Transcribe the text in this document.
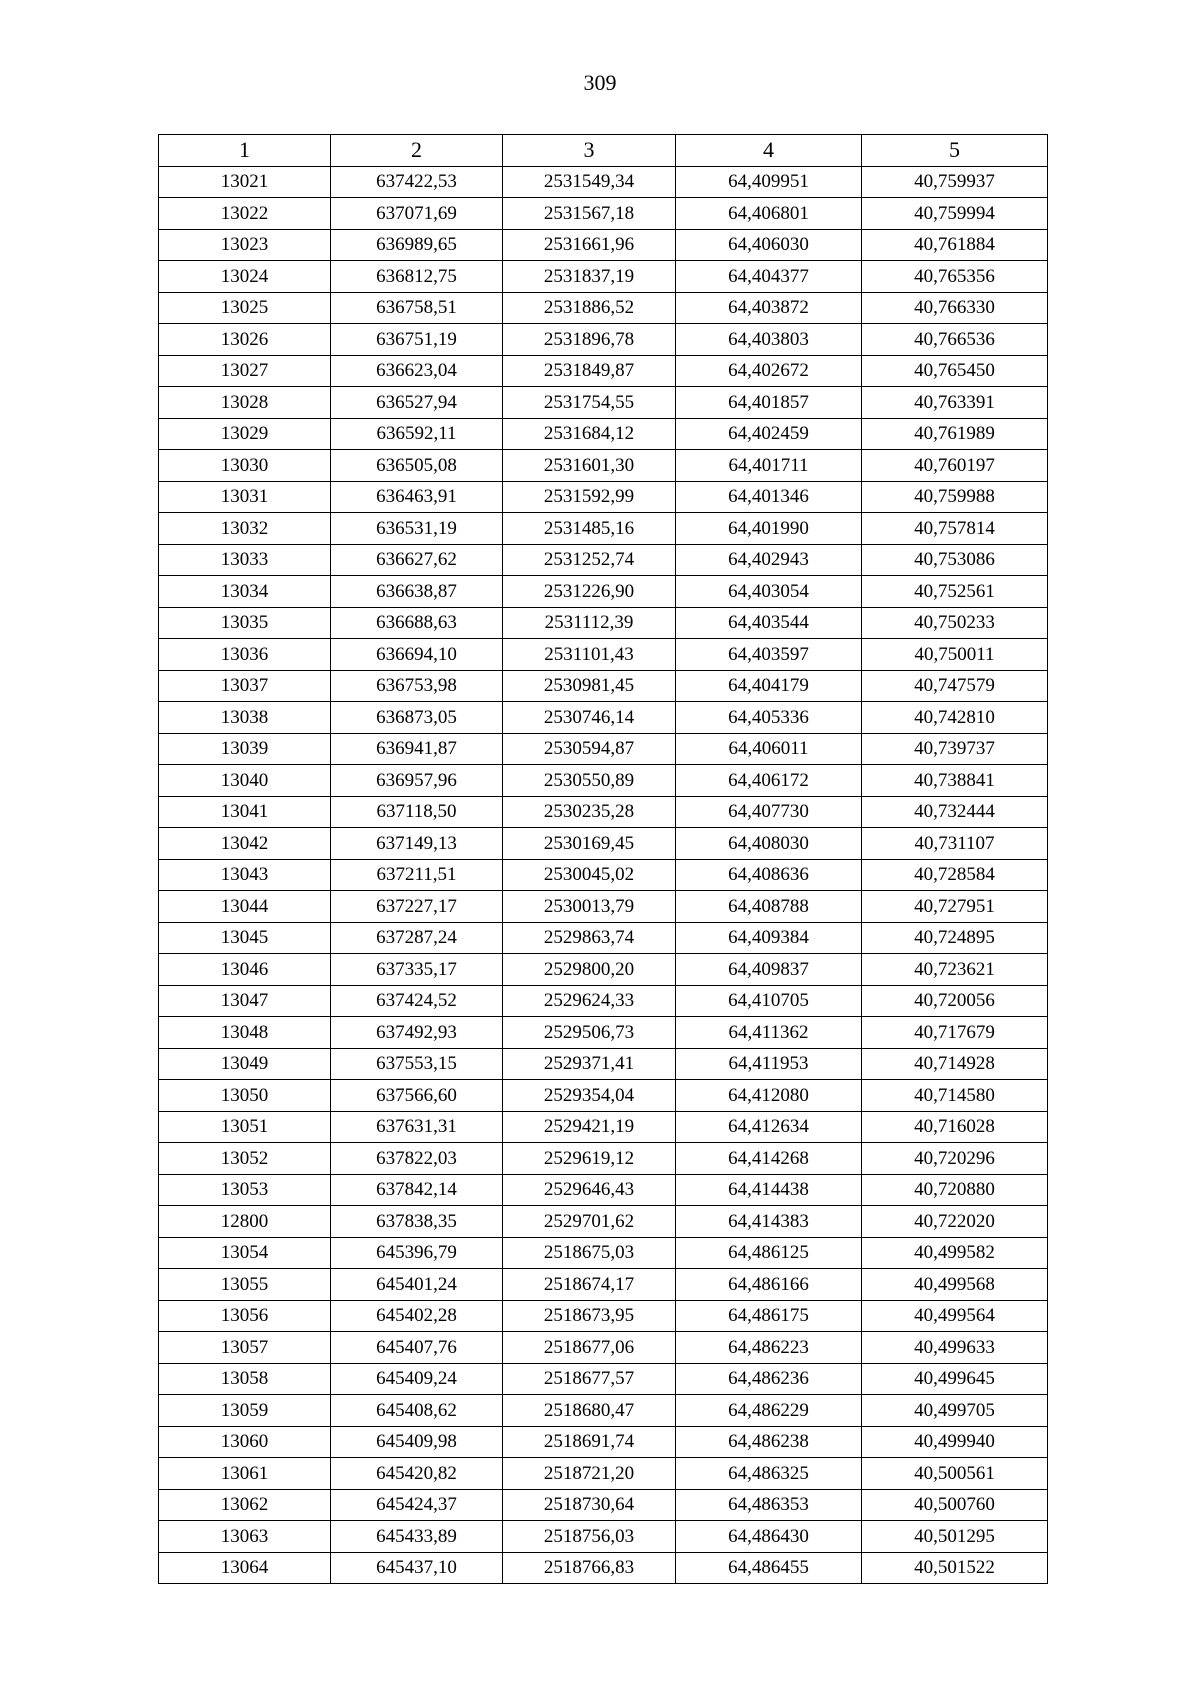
309
1	2	3	4	5
13021	637422,53	2531549,34	64,409951	40,759937
13022	637071,69	2531567,18	64,406801	40,759994
13023	636989,65	2531661,96	64,406030	40,761884
13024	636812,75	2531837,19	64,404377	40,765356
13025	636758,51	2531886,52	64,403872	40,766330
13026	636751,19	2531896,78	64,403803	40,766536
13027	636623,04	2531849,87	64,402672	40,765450
13028	636527,94	2531754,55	64,401857	40,763391
13029	636592,11	2531684,12	64,402459	40,761989
13030	636505,08	2531601,30	64,401711	40,760197
13031	636463,91	2531592,99	64,401346	40,759988
13032	636531,19	2531485,16	64,401990	40,757814
13033	636627,62	2531252,74	64,402943	40,753086
13034	636638,87	2531226,90	64,403054	40,752561
13035	636688,63	2531112,39	64,403544	40,750233
13036	636694,10	2531101,43	64,403597	40,750011
13037	636753,98	2530981,45	64,404179	40,747579
13038	636873,05	2530746,14	64,405336	40,742810
13039	636941,87	2530594,87	64,406011	40,739737
13040	636957,96	2530550,89	64,406172	40,738841
13041	637118,50	2530235,28	64,407730	40,732444
13042	637149,13	2530169,45	64,408030	40,731107
13043	637211,51	2530045,02	64,408636	40,728584
13044	637227,17	2530013,79	64,408788	40,727951
13045	637287,24	2529863,74	64,409384	40,724895
13046	637335,17	2529800,20	64,409837	40,723621
13047	637424,52	2529624,33	64,410705	40,720056
13048	637492,93	2529506,73	64,411362	40,717679
13049	637553,15	2529371,41	64,411953	40,714928
13050	637566,60	2529354,04	64,412080	40,714580
13051	637631,31	2529421,19	64,412634	40,716028
13052	637822,03	2529619,12	64,414268	40,720296
13053	637842,14	2529646,43	64,414438	40,720880
12800	637838,35	2529701,62	64,414383	40,722020
13054	645396,79	2518675,03	64,486125	40,499582
13055	645401,24	2518674,17	64,486166	40,499568
13056	645402,28	2518673,95	64,486175	40,499564
13057	645407,76	2518677,06	64,486223	40,499633
13058	645409,24	2518677,57	64,486236	40,499645
13059	645408,62	2518680,47	64,486229	40,499705
13060	645409,98	2518691,74	64,486238	40,499940
13061	645420,82	2518721,20	64,486325	40,500561
13062	645424,37	2518730,64	64,486353	40,500760
13063	645433,89	2518756,03	64,486430	40,501295
13064	645437,10	2518766,83	64,486455	40,501522
